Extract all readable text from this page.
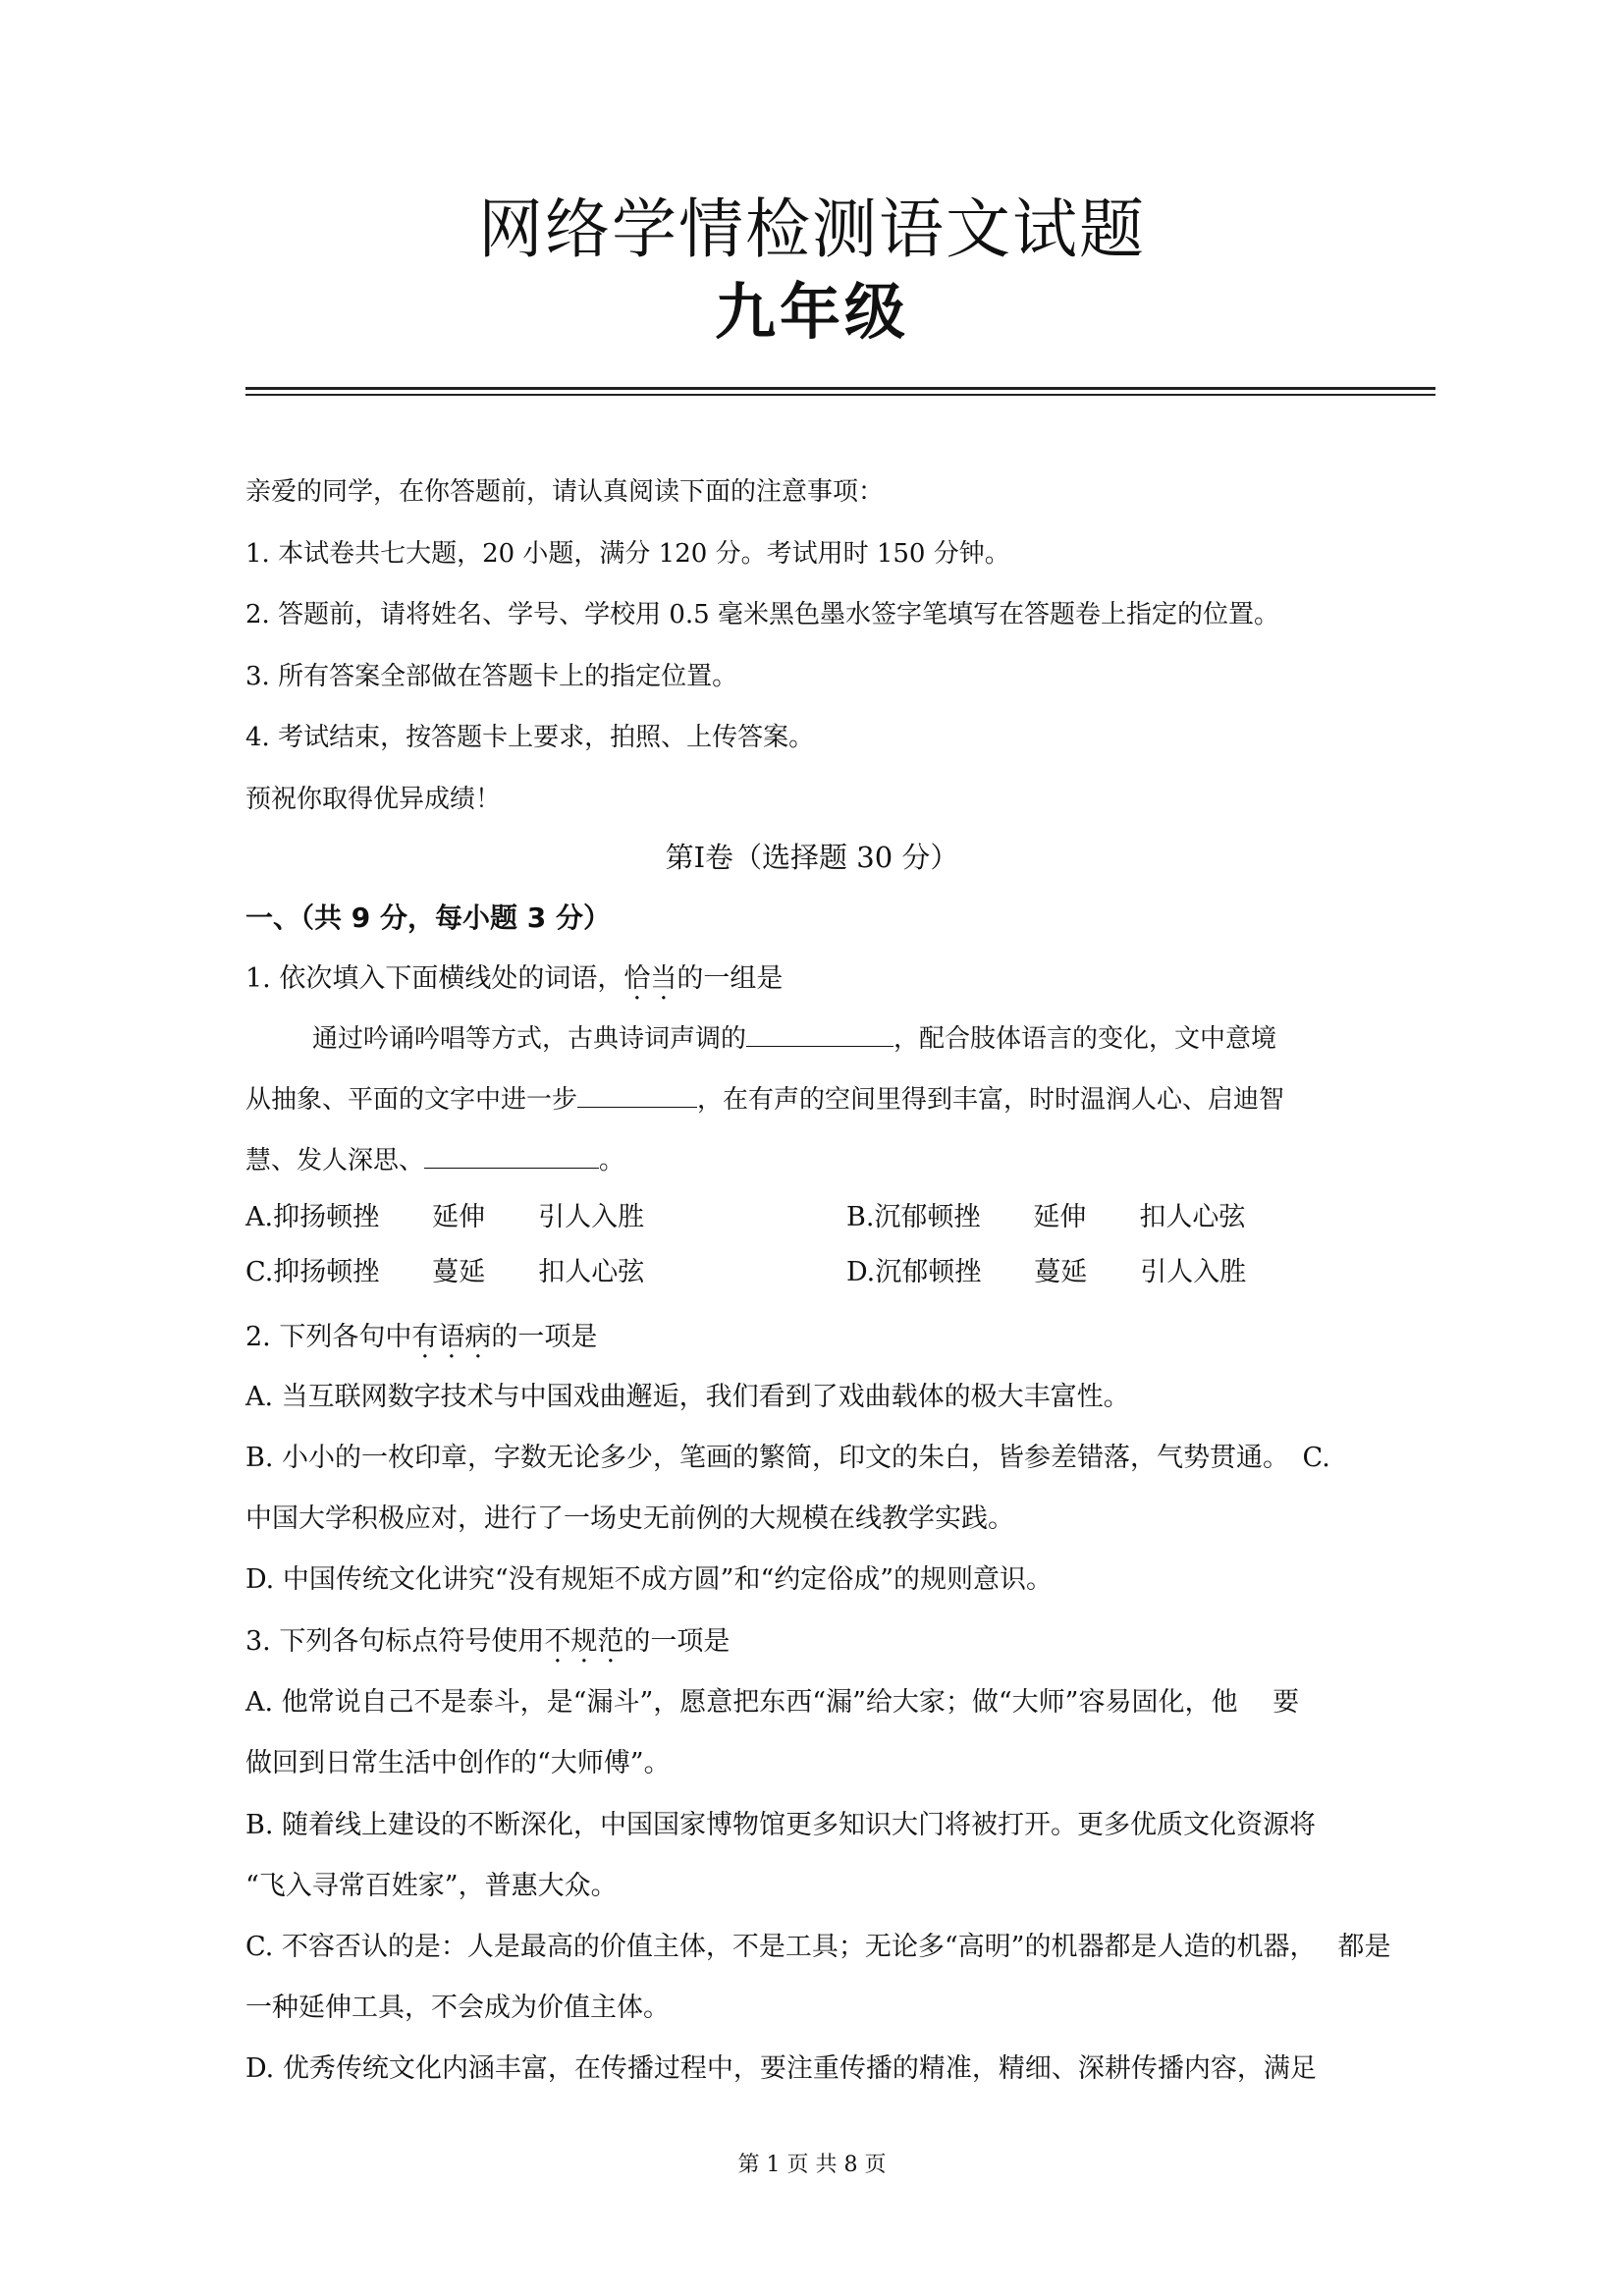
网络学情检测语文试题
九年级
亲爱的同学，在你答题前，请认真阅读下面的注意事项：
1. 本试卷共七大题，20 小题，满分 120 分。考试用时 150 分钟。
2. 答题前，请将姓名、学号、学校用 0.5 毫米黑色墨水签字笔填写在答题卷上指定的位置。
3. 所有答案全部做在答题卡上的指定位置。
4. 考试结束，按答题卡上要求，拍照、上传答案。
预祝你取得优异成绩！
第Ⅰ卷（选择题 30 分）
一、（共 9 分，每小题 3 分）
1. 依次填入下面横线处的词语，恰当的一组是
通过吟诵吟唱等方式，古典诗词声调的	，配合肢体语言的变化，文中意境
从抽象、平面的文字中进一步	，在有声的空间里得到丰富，时时温润人心、启迪智
慧、发人深思、	。
A.抑扬顿挫　　延伸　　引人入胜	B.沉郁顿挫　　延伸　　扣人心弦
C.抑扬顿挫　　蔓延　　扣人心弦	D.沉郁顿挫　　蔓延　　引人入胜
2. 下列各句中有语病的一项是
A. 当互联网数字技术与中国戏曲邂逅，我们看到了戏曲载体的极大丰富性。
B. 小小的一枚印章，字数无论多少，笔画的繁简，印文的朱白，皆参差错落，气势贯通。　C.
中国大学积极应对，进行了一场史无前例的大规模在线教学实践。
D. 中国传统文化讲究“没有规矩不成方圆”和“约定俗成”的规则意识。
3. 下列各句标点符号使用不规范的一项是
A. 他常说自己不是泰斗，是“漏斗”，愿意把东西“漏”给大家；做“大师”容易固化，他　 要
做回到日常生活中创作的“大师傅”。
B. 随着线上建设的不断深化，中国国家博物馆更多知识大门将被打开。更多优质文化资源将
“飞入寻常百姓家”，普惠大众。
C. 不容否认的是：人是最高的价值主体，不是工具；无论多“高明”的机器都是人造的机器，　 都是
一种延伸工具，不会成为价值主体。
D. 优秀传统文化内涵丰富，在传播过程中，要注重传播的精准，精细、深耕传播内容，满足
第 1 页 共 8 页
